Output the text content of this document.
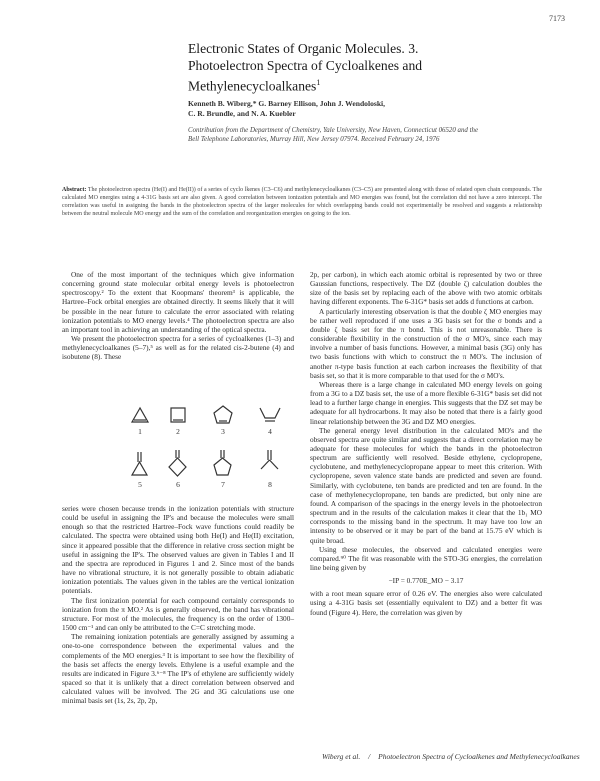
7173
Electronic States of Organic Molecules. 3. Photoelectron Spectra of Cycloalkenes and Methylenecycloalkanes$^1$
Kenneth B. Wiberg,* G. Barney Ellison, John J. Wendoloski,
C. R. Brundle, and N. A. Kuebler
Contribution from the Department of Chemistry, Yale University, New Haven, Connecticut 06520 and the Bell Telephone Laboratories, Murray Hill, New Jersey 07974. Received February 24, 1976
Abstract: The photoelectron spectra (He(I) and He(II)) of a series of cyclo lkenes (C3–C6) and methylenecycloalkanes (C3–C5) are presented along with those of related open chain compounds. The calculated MO energies using a 4-31G basis set are also given. A good correlation between ionization potentials and MO energies was found, but the correlation did not have a zero intercept. The correlation was useful in assigning the bands in the photoelectron spectra of the larger molecules for which overlapping bands could not experimentally be resolved and suggests a relationship between the neutral molecule MO energy and the sum of the correlation and reorganization energies on going to the ion.

One of the most important of the techniques which give information concerning ground state molecular orbital energy levels is photoelectron spectroscopy.² To the extent that Koopmans' theorem³ is applicable, the Hartree–Fock orbital energies are obtained directly. It seems likely that it will be possible in the near future to calculate the error associated with relating ionization potentials to MO energy levels.⁴ The photoelectron spectra are also an important tool in achieving an understanding of the optical spectra.

We present the photoelectron spectra for a series of cycloalkenes (1–3) and methylenecycloalkanes (5–7),⁵ as well as for the related cis-2-butene (4) and isobutene (8). These

1	2	3	4
5	6	7	8

series were chosen because trends in the ionization potentials with structure could be useful in assigning the IP's and because the molecules were small enough so that the restricted Hartree–Fock wave functions could readily be calculated. The spectra were obtained using both He(I) and He(II) excitation, since it appeared possible that the difference in relative cross section might be useful in assigning the IP's. The observed values are given in Tables I and II and the spectra are reproduced in Figures 1 and 2. Since most of the bands have no vibrational structure, it is not generally possible to obtain adiabatic ionization potentials. The values given in the tables are the vertical ionization potentials.

The first ionization potential for each compound certainly corresponds to ionization from the π MO.² As is generally observed, the band has vibrational structure. For most of the molecules, the frequency is on the order of 1300–1500 cm⁻¹ and can only be attributed to the C=C stretching mode.

The remaining ionization potentials are generally assigned by assuming a one-to-one correspondence between the experimental values and the complements of the MO energies.³ It is important to see how the flexibility of the basis set affects the energy levels. Ethylene is a useful example and the results are indicated in Figure 3.⁶⁻⁸ The IP's of ethylene are sufficiently widely spaced so that it is unlikely that a direct correlation between observed and calculated values will be involved. The 2G and 3G calculations use one minimal basis set (1s, 2s, 2p, 2p,

2p, per carbon), in which each atomic orbital is represented by two or three Gaussian functions, respectively. The DZ (double ζ) calculation doubles the size of the basis set by replacing each of the above with two atomic orbitals having different exponents. The 6-31G* basis set adds d functions at carbon.

A particularly interesting observation is that the double ζ MO energies may be rather well reproduced if one uses a 3G basis set for the σ bonds and a double ζ basis set for the π bond. This is not unreasonable. There is considerable flexibility in the construction of the σ MO's, since each may involve a number of basis functions. However, a minimal basis (3G) only has two basis functions with which to construct the π MO's. The inclusion of another π-type basis function at each carbon increases the flexibility of that basis set, so that it is more comparable to that used for the σ MO's.

Whereas there is a large change in calculated MO energy levels on going from a 3G to a DZ basis set, the use of a more flexible 6-31G* basis set did not lead to a further large change in energies. This suggests that the DZ set may be adequate for all hydrocarbons. It may also be noted that there is a fairly good linear relationship between the 3G and DZ MO energies.

The general energy level distribution in the calculated MO's and the observed spectra are quite similar and suggests that a direct correlation may be adequate for these molecules for which the bands in the photoelectron spectrum are sufficiently well resolved. Beside ethylene, cyclopropene, cyclobutene, and methylenecyclopropane appear to meet this criterion. With cyclopropene, seven valence state bands are predicted and seven are found. Similarly, with cyclobutene, ten bands are predicted and ten are found. In the case of methylenecyclopropane, ten bands are predicted, but only nine are found. A comparison of the spacings in the energy levels in the photoelectron spectrum and in the results of the calculation makes it clear that the 1b₁ MO corresponds to the missing band in the spectrum. It may have too low an intensity to be observed or it may be part of the band at 15.75 eV which is quite broad.

Using these molecules, the observed and calculated energies were compared.⁹⁰ The fit was reasonable with the STO-3G energies, the correlation line being given by

−IP = 0.770E_MO − 3.17

with a root mean square error of 0.26 eV. The energies also were calculated using a 4-31G basis set (essentially equivalent to DZ) and a better fit was found (Figure 4). Here, the correlation was given by

Wiberg et al. / Photoelectron Spectra of Cycloalkenes and Methylenecycloalkanes
